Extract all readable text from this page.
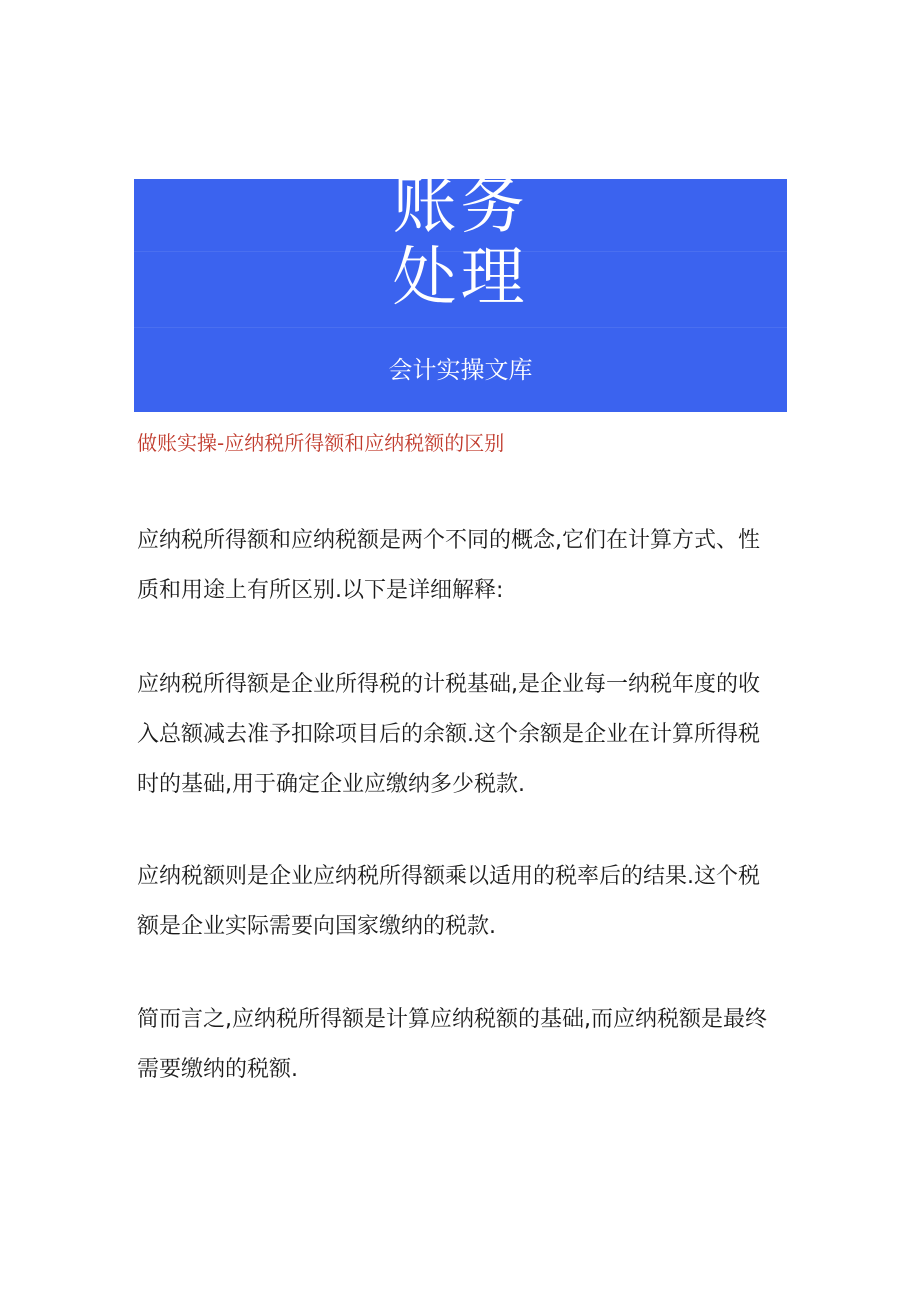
账务
处理
会计实操文库
做账实操-应纳税所得额和应纳税额的区别

应纳税所得额和应纳税额是两个不同的概念,它们在计算方式、性质和用途上有所区别.以下是详细解释:

应纳税所得额是企业所得税的计税基础,是企业每一纳税年度的收入总额减去准予扣除项目后的余额.这个余额是企业在计算所得税时的基础,用于确定企业应缴纳多少税款.

应纳税额则是企业应纳税所得额乘以适用的税率后的结果.这个税额是企业实际需要向国家缴纳的税款.

简而言之,应纳税所得额是计算应纳税额的基础,而应纳税额是最终需要缴纳的税额.
